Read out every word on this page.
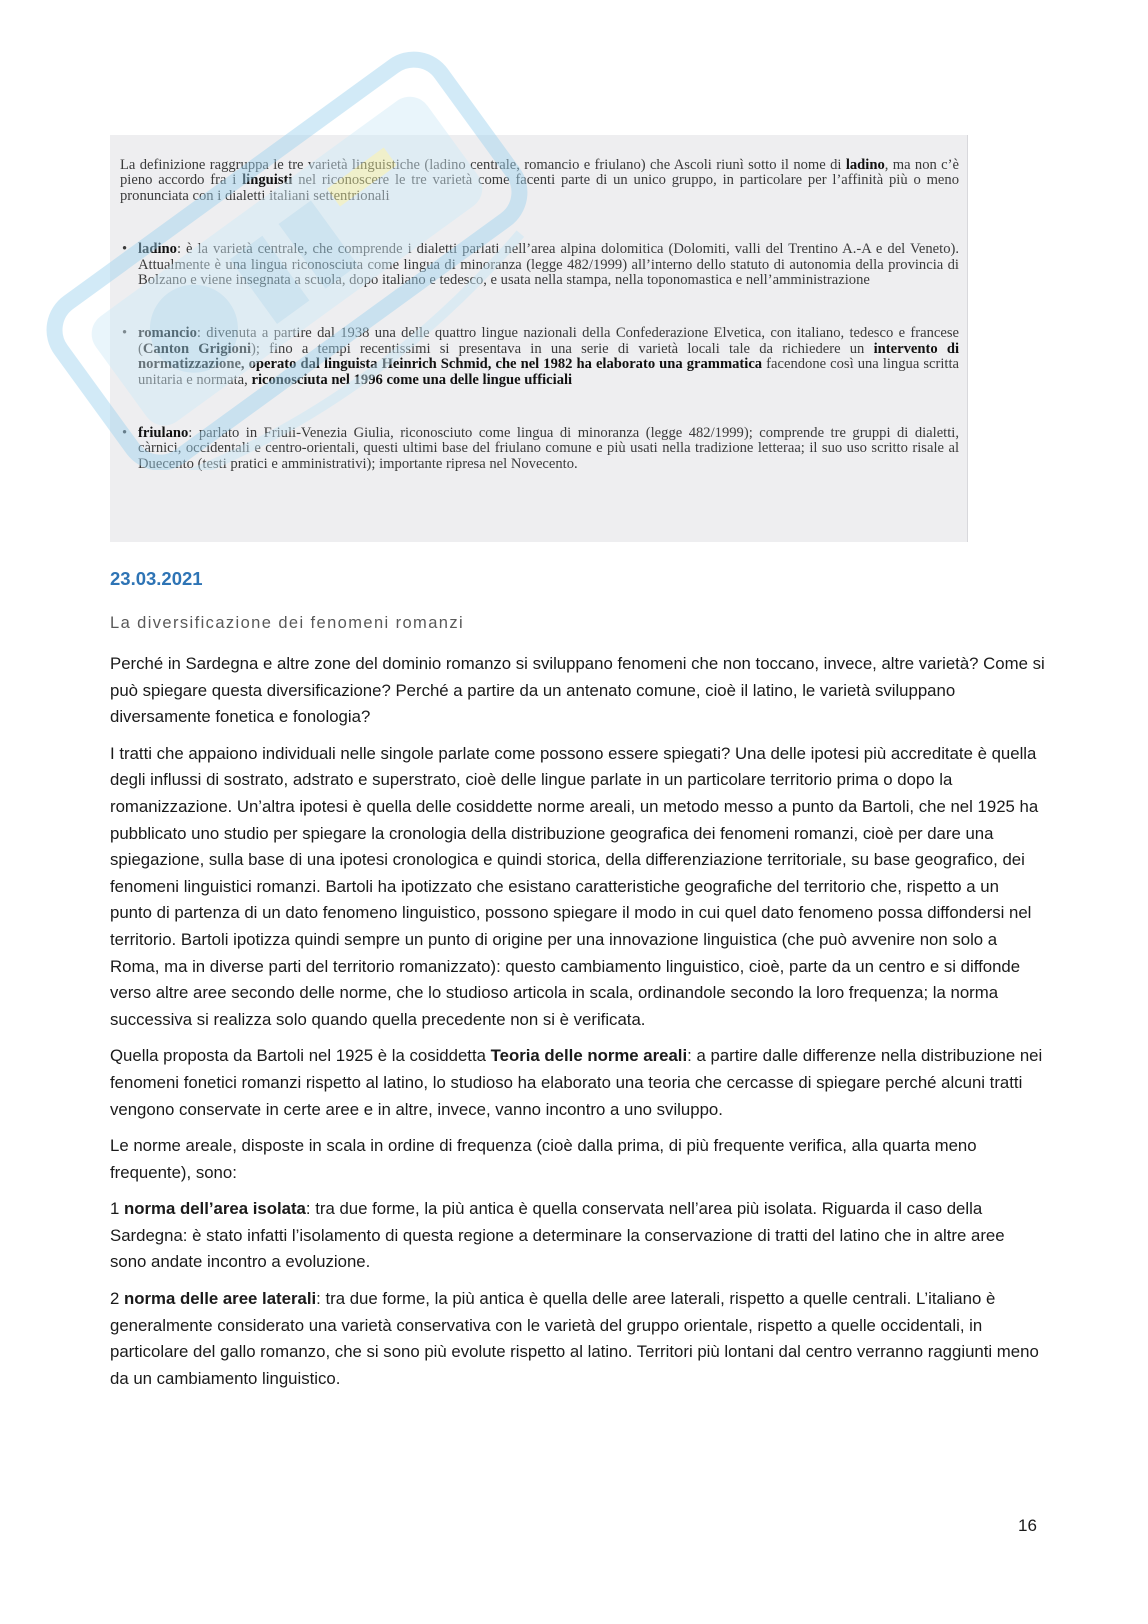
La definizione raggruppa le tre varietà linguistiche (ladino centrale, romancio e friulano) che Ascoli riunì sotto il nome di ladino, ma non c’è pieno accordo fra i linguisti nel riconoscere le tre varietà come facenti parte di un unico gruppo, in particolare per l’affinità più o meno pronunciata con i dialetti italiani settentrionali

• ladino: è la varietà centrale, che comprende i dialetti parlati nell’area alpina dolomitica (Dolomiti, valli del Trentino A.-A e del Veneto). Attualmente è una lingua riconosciuta come lingua di minoranza (legge 482/1999) all’interno dello statuto di autonomia della provincia di Bolzano e viene insegnata a scuola, dopo italiano e tedesco, e usata nella stampa, nella toponomastica e nell’amministrazione
• romancio: divenuta a partire dal 1938 una delle quattro lingue nazionali della Confederazione Elvetica, con italiano, tedesco e francese (Canton Grigioni); fino a tempi recentissimi si presentava in una serie di varietà locali tale da richiedere un intervento di normatizzazione, operato dal linguista Heinrich Schmid, che nel 1982 ha elaborato una grammatica facendone così una lingua scritta unitaria e normata, riconosciuta nel 1996 come una delle lingue ufficiali
• friulano: parlato in Friuli-Venezia Giulia, riconosciuto come lingua di minoranza (legge 482/1999); comprende tre gruppi di dialetti, càrnici, occidentali e centro-orientali, questi ultimi base del friulano comune e più usati nella tradizione letteraa; il suo uso scritto risale al Duecento (testi pratici e amministrativi); importante ripresa nel Novecento.
23.03.2021
La diversificazione dei fenomeni romanzi

Perché in Sardegna e altre zone del dominio romanzo si sviluppano fenomeni che non toccano, invece, altre varietà? Come si può spiegare questa diversificazione? Perché a partire da un antenato comune, cioè il latino, le varietà sviluppano diversamente fonetica e fonologia?

I tratti che appaiono individuali nelle singole parlate come possono essere spiegati? Una delle ipotesi più accreditate è quella degli influssi di sostrato, adstrato e superstrato, cioè delle lingue parlate in un particolare territorio prima o dopo la romanizzazione. Un’altra ipotesi è quella delle cosiddette norme areali, un metodo messo a punto da Bartoli, che nel 1925 ha pubblicato uno studio per spiegare la cronologia della distribuzione geografica dei fenomeni romanzi, cioè per dare una spiegazione, sulla base di una ipotesi cronologica e quindi storica, della differenziazione territoriale, su base geografico, dei fenomeni linguistici romanzi. Bartoli ha ipotizzato che esistano caratteristiche geografiche del territorio che, rispetto a un punto di partenza di un dato fenomeno linguistico, possono spiegare il modo in cui quel dato fenomeno possa diffondersi nel territorio. Bartoli ipotizza quindi sempre un punto di origine per una innovazione linguistica (che può avvenire non solo a Roma, ma in diverse parti del territorio romanizzato): questo cambiamento linguistico, cioè, parte da un centro e si diffonde verso altre aree secondo delle norme, che lo studioso articola in scala, ordinandole secondo la loro frequenza; la norma successiva si realizza solo quando quella precedente non si è verificata.

Quella proposta da Bartoli nel 1925 è la cosiddetta Teoria delle norme areali: a partire dalle differenze nella distribuzione nei fenomeni fonetici romanzi rispetto al latino, lo studioso ha elaborato una teoria che cercasse di spiegare perché alcuni tratti vengono conservate in certe aree e in altre, invece, vanno incontro a uno sviluppo.

Le norme areale, disposte in scala in ordine di frequenza (cioè dalla prima, di più frequente verifica, alla quarta meno frequente), sono:

1 norma dell’area isolata: tra due forme, la più antica è quella conservata nell’area più isolata. Riguarda il caso della Sardegna: è stato infatti l’isolamento di questa regione a determinare la conservazione di tratti del latino che in altre aree sono andate incontro a evoluzione.

2 norma delle aree laterali: tra due forme, la più antica è quella delle aree laterali, rispetto a quelle centrali. L’italiano è generalmente considerato una varietà conservativa con le varietà del gruppo orientale, rispetto a quelle occidentali, in particolare del gallo romanzo, che si sono più evolute rispetto al latino. Territori più lontani dal centro verranno raggiunti meno da un cambiamento linguistico.

16
